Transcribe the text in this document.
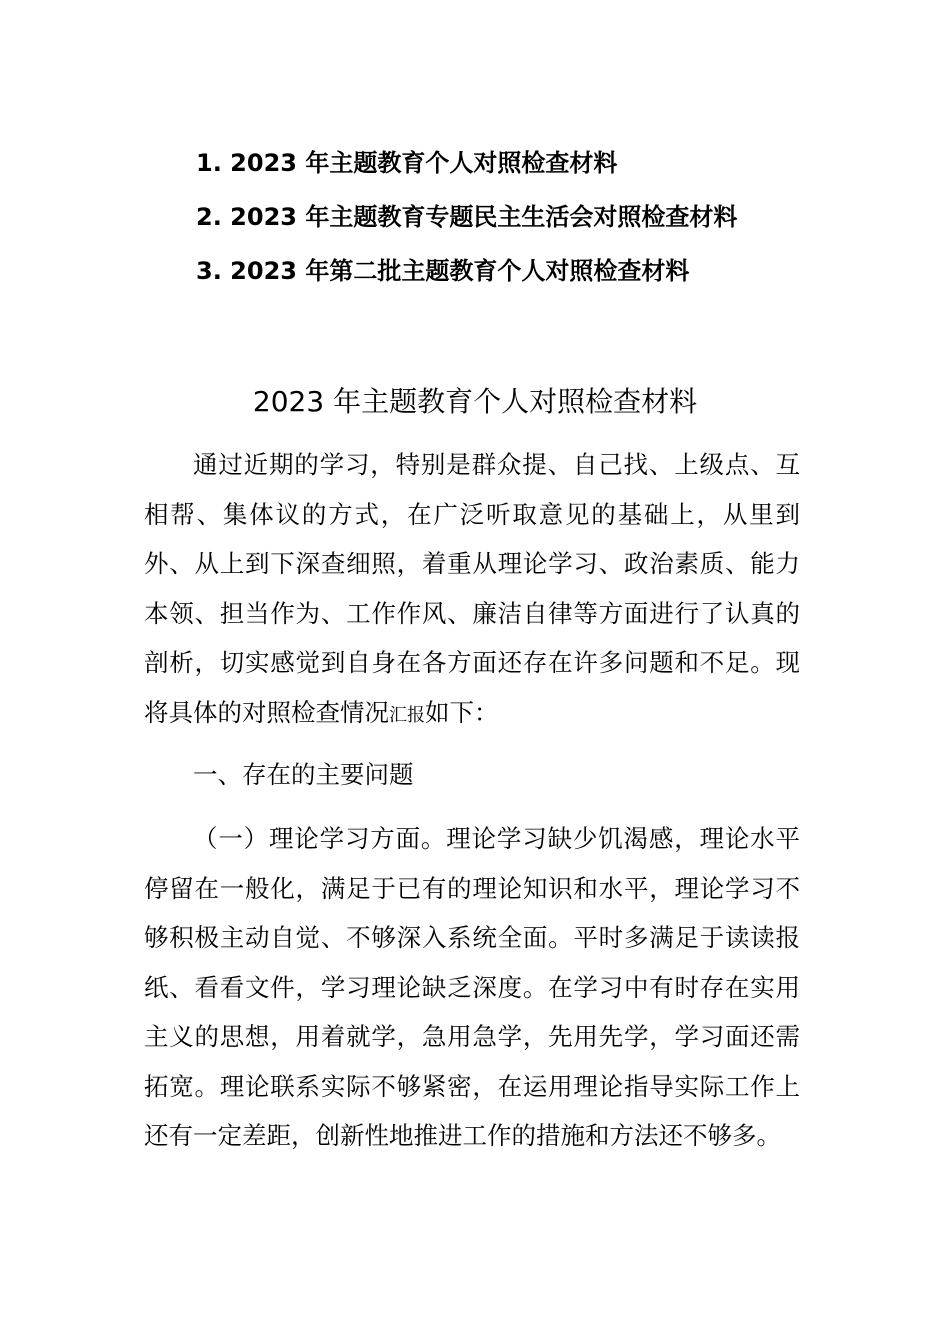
1. 2023 年主题教育个人对照检查材料
2. 2023 年主题教育专题民主生活会对照检查材料
3. 2023 年第二批主题教育个人对照检查材料
2023 年主题教育个人对照检查材料
通过近期的学习，特别是群众提、自己找、上级点、互相帮、集体议的方式，在广泛听取意见的基础上，从里到外、从上到下深查细照，着重从理论学习、政治素质、能力本领、担当作为、工作作风、廉洁自律等方面进行了认真的剖析，切实感觉到自身在各方面还存在许多问题和不足。现将具体的对照检查情况汇报如下：
一、存在的主要问题
（一）理论学习方面。理论学习缺少饥渴感，理论水平停留在一般化，满足于已有的理论知识和水平，理论学习不够积极主动自觉、不够深入系统全面。平时多满足于读读报纸、看看文件，学习理论缺乏深度。在学习中有时存在实用主义的思想，用着就学，急用急学，先用先学，学习面还需拓宽。理论联系实际不够紧密，在运用理论指导实际工作上还有一定差距，创新性地推进工作的措施和方法还不够多。
